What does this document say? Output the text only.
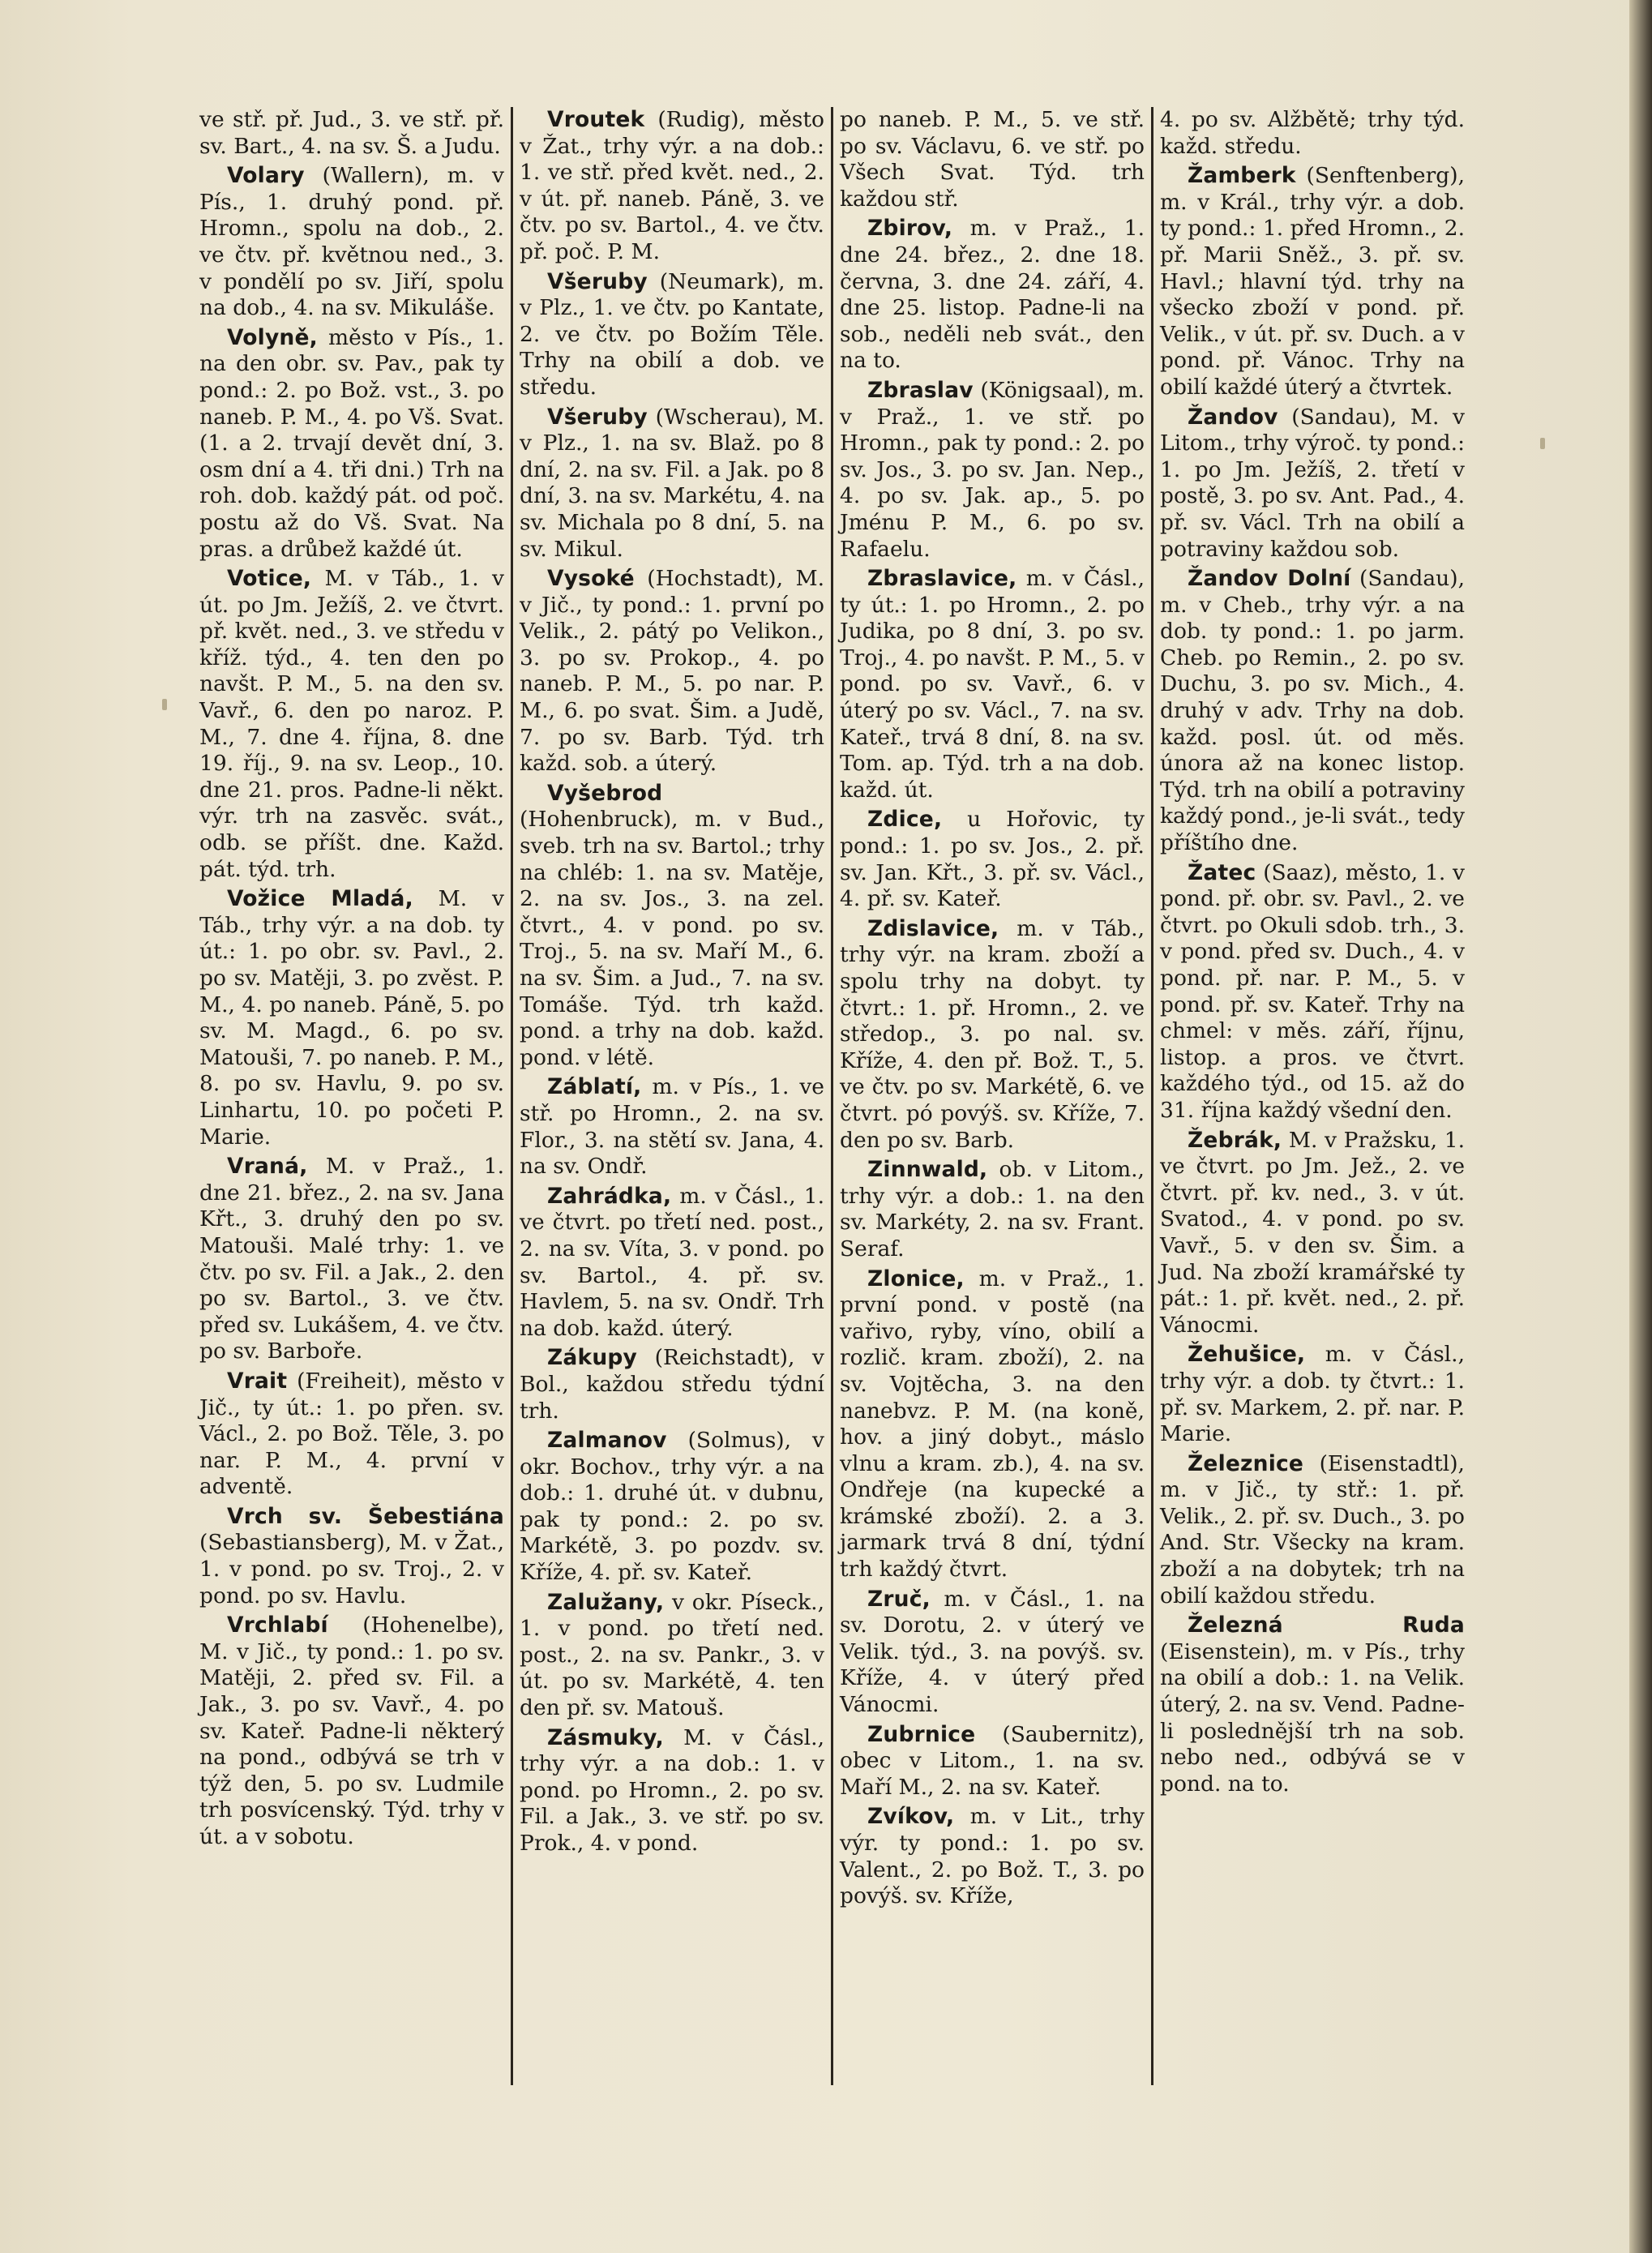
ve stř. př. Jud., 3. ve stř. př. sv. Bart., 4. na sv. Š. a Judu.

Volary (Wallern), m. v Pís., 1. druhý pond. př. Hromn., spolu na dob., 2. ve čtv. př. květnou ned., 3. v pondělí po sv. Jiří, spolu na dob., 4. na sv. Mikuláše.

Volyně, město v Pís., 1. na den obr. sv. Pav., pak ty pond.: 2. po Bož. vst., 3. po naneb. P. M., 4. po Vš. Svat. (1. a 2. trvají devět dní, 3. osm dní a 4. tři dni.) Trh na roh. dob. každý pát. od poč. postu až do Vš. Svat. Na pras. a drůbež každé út.

Votice, M. v Táb., 1. v út. po Jm. Ježíš, 2. ve čtvrt. př. květ. ned., 3. ve středu v kříž. týd., 4. ten den po navšt. P. M., 5. na den sv. Vavř., 6. den po naroz. P. M., 7. dne 4. října, 8. dne 19. říj., 9. na sv. Leop., 10. dne 21. pros. Padne-li někt. výr. trh na zasvěc. svát., odb. se příšt. dne. Každ. pát. týd. trh.

Vožice Mladá, M. v Táb., trhy výr. a na dob. ty út.: 1. po obr. sv. Pavl., 2. po sv. Matěji, 3. po zvěst. P. M., 4. po naneb. Páně, 5. po sv. M. Magd., 6. po sv. Matouši, 7. po naneb. P. M., 8. po sv. Havlu, 9. po sv. Linhartu, 10. po početi P. Marie.

Vraná, M. v Praž., 1. dne 21. břez., 2. na sv. Jana Křt., 3. druhý den po sv. Matouši. Malé trhy: 1. ve čtv. po sv. Fil. a Jak., 2. den po sv. Bartol., 3. ve čtv. před sv. Lukášem, 4. ve čtv. po sv. Barboře.

Vrait (Freiheit), město v Jič., ty út.: 1. po přen. sv. Václ., 2. po Bož. Těle, 3. po nar. P. M., 4. první v adventě.

Vrch sv. Šebestiána (Sebastiansberg), M. v Žat., 1. v pond. po sv. Troj., 2. v pond. po sv. Havlu.

Vrchlabí (Hohenelbe), M. v Jič., ty pond.: 1. po sv. Matěji, 2. před sv. Fil. a Jak., 3. po sv. Vavř., 4. po sv. Kateř. Padne-li některý na pond., odbývá se trh v týž den, 5. po sv. Ludmile trh posvícenský. Týd. trhy v út. a v sobotu.

Vroutek (Rudig), město v Žat., trhy výr. a na dob.: 1. ve stř. před květ. ned., 2. v út. př. naneb. Páně, 3. ve čtv. po sv. Bartol., 4. ve čtv. př. poč. P. M.

Všeruby (Neumark), m. v Plz., 1. ve čtv. po Kantate, 2. ve čtv. po Božím Těle. Trhy na obilí a dob. ve středu.

Všeruby (Wscherau), M. v Plz., 1. na sv. Blaž. po 8 dní, 2. na sv. Fil. a Jak. po 8 dní, 3. na sv. Markétu, 4. na sv. Michala po 8 dní, 5. na sv. Mikul.

Vysoké (Hochstadt), M. v Jič., ty pond.: 1. první po Velik., 2. pátý po Velikon., 3. po sv. Prokop., 4. po naneb. P. M., 5. po nar. P. M., 6. po svat. Šim. a Judě, 7. po sv. Barb. Týd. trh každ. sob. a úterý.

Vyšebrod (Hohenbruck), m. v Bud., sveb. trh na sv. Bartol.; trhy na chléb: 1. na sv. Matěje, 2. na sv. Jos., 3. na zel. čtvrt., 4. v pond. po sv. Troj., 5. na sv. Maří M., 6. na sv. Šim. a Jud., 7. na sv. Tomáše. Týd. trh každ. pond. a trhy na dob. každ. pond. v létě.

Záblatí, m. v Pís., 1. ve stř. po Hromn., 2. na sv. Flor., 3. na stětí sv. Jana, 4. na sv. Ondř.

Zahrádka, m. v Čásl., 1. ve čtvrt. po třetí ned. post., 2. na sv. Víta, 3. v pond. po sv. Bartol., 4. př. sv. Havlem, 5. na sv. Ondř. Trh na dob. každ. úterý.

Zákupy (Reichstadt), v Bol., každou středu týdní trh.

Zalmanov (Solmus), v okr. Bochov., trhy výr. a na dob.: 1. druhé út. v dubnu, pak ty pond.: 2. po sv. Markétě, 3. po pozdv. sv. Kříže, 4. př. sv. Kateř.

Zalužany, v okr. Píseck., 1. v pond. po třetí ned. post., 2. na sv. Pankr., 3. v út. po sv. Markétě, 4. ten den př. sv. Matouš.

Zásmuky, M. v Čásl., trhy výr. a na dob.: 1. v pond. po Hromn., 2. po sv. Fil. a Jak., 3. ve stř. po sv. Prok., 4. v pond.

po naneb. P. M., 5. ve stř. po sv. Václavu, 6. ve stř. po Všech Svat. Týd. trh každou stř.

Zbirov, m. v Praž., 1. dne 24. břez., 2. dne 18. června, 3. dne 24. září, 4. dne 25. listop. Padne-li na sob., neděli neb svát., den na to.

Zbraslav (Königsaal), m. v Praž., 1. ve stř. po Hromn., pak ty pond.: 2. po sv. Jos., 3. po sv. Jan. Nep., 4. po sv. Jak. ap., 5. po Jménu P. M., 6. po sv. Rafaelu.

Zbraslavice, m. v Čásl., ty út.: 1. po Hromn., 2. po Judika, po 8 dní, 3. po sv. Troj., 4. po navšt. P. M., 5. v pond. po sv. Vavř., 6. v úterý po sv. Václ., 7. na sv. Kateř., trvá 8 dní, 8. na sv. Tom. ap. Týd. trh a na dob. každ. út.

Zdice, u Hořovic, ty pond.: 1. po sv. Jos., 2. př. sv. Jan. Křt., 3. př. sv. Václ., 4. př. sv. Kateř.

Zdislavice, m. v Táb., trhy výr. na kram. zboží a spolu trhy na dobyt. ty čtvrt.: 1. př. Hromn., 2. ve středop., 3. po nal. sv. Kříže, 4. den př. Bož. T., 5. ve čtv. po sv. Markétě, 6. ve čtvrt. pó povýš. sv. Kříže, 7. den po sv. Barb.

Zinnwald, ob. v Litom., trhy výr. a dob.: 1. na den sv. Markéty, 2. na sv. Frant. Seraf.

Zlonice, m. v Praž., 1. první pond. v postě (na vařivo, ryby, víno, obilí a rozlič. kram. zboží), 2. na sv. Vojtěcha, 3. na den nanebvz. P. M. (na koně, hov. a jiný dobyt., máslo vlnu a kram. zb.), 4. na sv. Ondřeje (na kupecké a krámské zboží). 2. a 3. jarmark trvá 8 dní, týdní trh každý čtvrt.

Zruč, m. v Čásl., 1. na sv. Dorotu, 2. v úterý ve Velik. týd., 3. na povýš. sv. Kříže, 4. v úterý před Vánocmi.

Zubrnice (Saubernitz), obec v Litom., 1. na sv. Maří M., 2. na sv. Kateř.

Zvíkov, m. v Lit., trhy výr. ty pond.: 1. po sv. Valent., 2. po Bož. T., 3. po povýš. sv. Kříže,

4. po sv. Alžbětě; trhy týd. každ. středu.

Žamberk (Senftenberg), m. v Král., trhy výr. a dob. ty pond.: 1. před Hromn., 2. př. Marii Sněž., 3. př. sv. Havl.; hlavní týd. trhy na všecko zboží v pond. př. Velik., v út. př. sv. Duch. a v pond. př. Vánoc. Trhy na obilí každé úterý a čtvrtek.

Žandov (Sandau), M. v Litom., trhy výroč. ty pond.: 1. po Jm. Ježíš, 2. třetí v postě, 3. po sv. Ant. Pad., 4. př. sv. Václ. Trh na obilí a potraviny každou sob.

Žandov Dolní (Sandau), m. v Cheb., trhy výr. a na dob. ty pond.: 1. po jarm. Cheb. po Remin., 2. po sv. Duchu, 3. po sv. Mich., 4. druhý v adv. Trhy na dob. každ. posl. út. od měs. února až na konec listop. Týd. trh na obilí a potraviny každý pond., je-li svát., tedy příštího dne.

Žatec (Saaz), město, 1. v pond. př. obr. sv. Pavl., 2. ve čtvrt. po Okuli sdob. trh., 3. v pond. před sv. Duch., 4. v pond. př. nar. P. M., 5. v pond. př. sv. Kateř. Trhy na chmel: v měs. září, říjnu, listop. a pros. ve čtvrt. každého týd., od 15. až do 31. října každý všední den.

Žebrák, M. v Pražsku, 1. ve čtvrt. po Jm. Jež., 2. ve čtvrt. př. kv. ned., 3. v út. Svatod., 4. v pond. po sv. Vavř., 5. v den sv. Šim. a Jud. Na zboží kramářské ty pát.: 1. př. květ. ned., 2. př. Vánocmi.

Žehušice, m. v Čásl., trhy výr. a dob. ty čtvrt.: 1. př. sv. Markem, 2. př. nar. P. Marie.

Železnice (Eisenstadtl), m. v Jič., ty stř.: 1. př. Velik., 2. př. sv. Duch., 3. po And. Str. Všecky na kram. zboží a na dobytek; trh na obilí každou středu.

Železná Ruda (Eisenstein), m. v Pís., trhy na obilí a dob.: 1. na Velik. úterý, 2. na sv. Vend. Padne-li poslednější trh na sob. nebo ned., odbývá se v pond. na to.
